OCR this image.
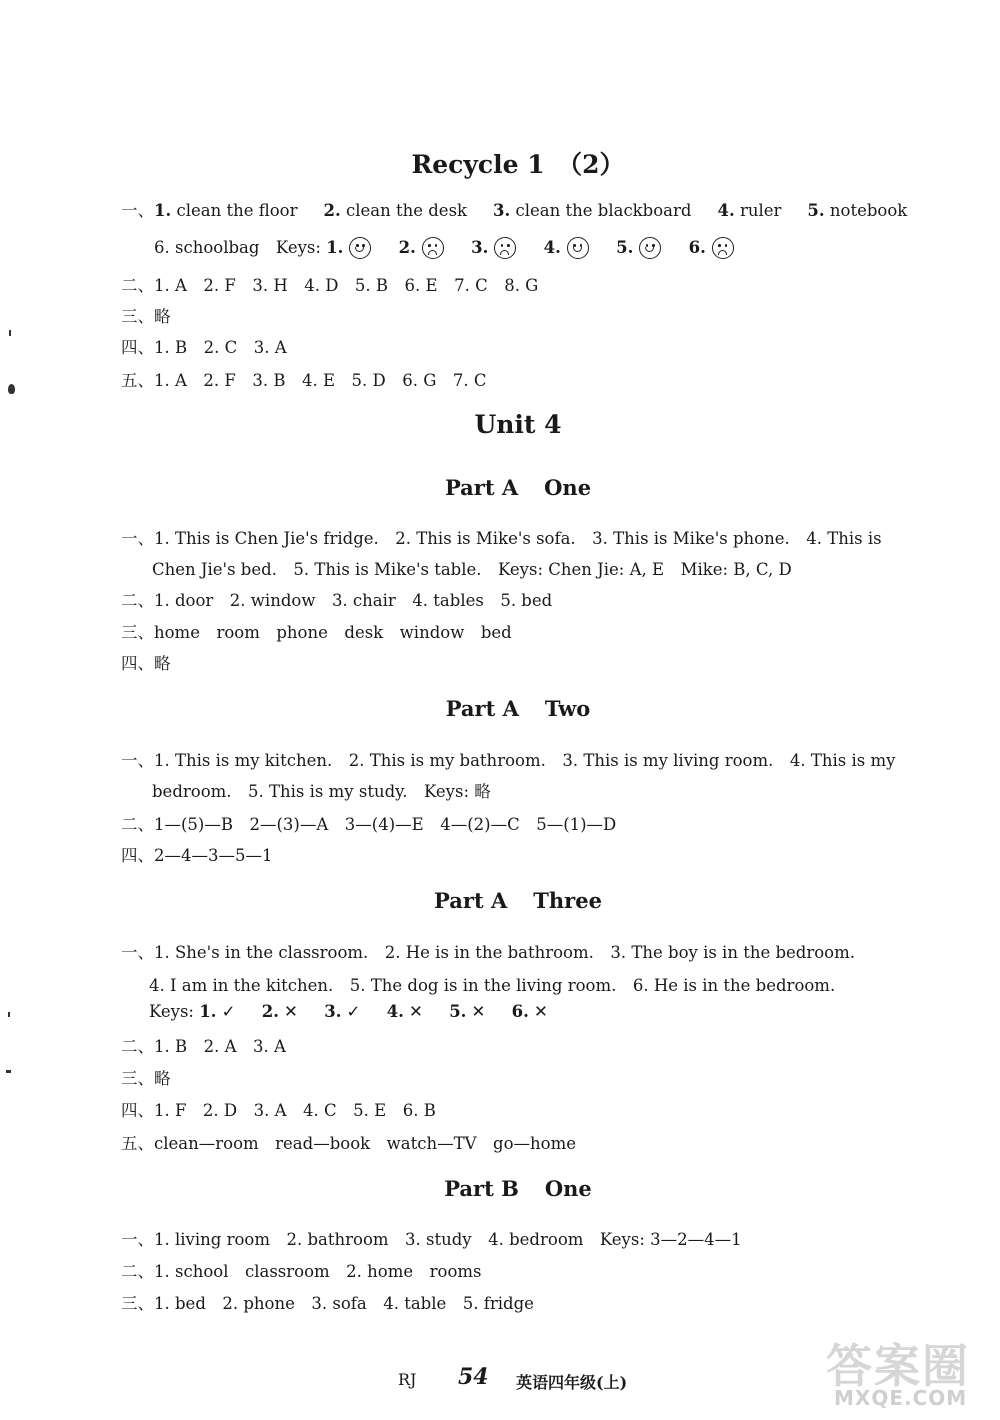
Recycle 1　（2）
一、1. clean the floor 2. clean the desk 3. clean the blackboard 4. ruler 5. notebook
6. schoolbag　Keys: 1.	2.	3.	4.	5.	6.
二、1. A　2. F　3. H　4. D　5. B　6. E　7. C　8. G
三、略
四、1. B　2. C　3. A
五、1. A　2. F　3. B　4. E　5. D　6. G　7. C
Unit 4
Part A One
一、1. This is Chen Jie's fridge.　2. This is Mike's sofa.　3. This is Mike's phone.　4. This is
Chen Jie's bed.　5. This is Mike's table.　Keys: Chen Jie: A, E　Mike: B, C, D
二、1. door　2. window　3. chair　4. tables　5. bed
三、home　room　phone　desk　window　bed
四、略
Part A Two
一、1. This is my kitchen.　2. This is my bathroom.　3. This is my living room.　4. This is my
bedroom.　5. This is my study.　Keys: 略
二、1—(5)—B　2—(3)—A　3—(4)—E　4—(2)—C　5—(1)—D
四、2—4—3—5—1
Part A Three
一、1. She's in the classroom.　2. He is in the bathroom.　3. The boy is in the bedroom.
4. I am in the kitchen.　5. The dog is in the living room.　6. He is in the bedroom.
Keys: 1. ✓ 2. ✕ 3. ✓ 4. ✕ 5. ✕ 6. ✕
二、1. B　2. A　3. A
三、略
四、1. F　2. D　3. A　4. C　5. E　6. B
五、clean—room　read—book　watch—TV　go—home
Part B One
一、1. living room　2. bathroom　3. study　4. bedroom　Keys: 3—2—4—1
二、1. school　classroom　2. home　rooms
三、1. bed　2. phone　3. sofa　4. table　5. fridge
RJ 54 英语四年级(上)	答案圈
MXQE.COM
